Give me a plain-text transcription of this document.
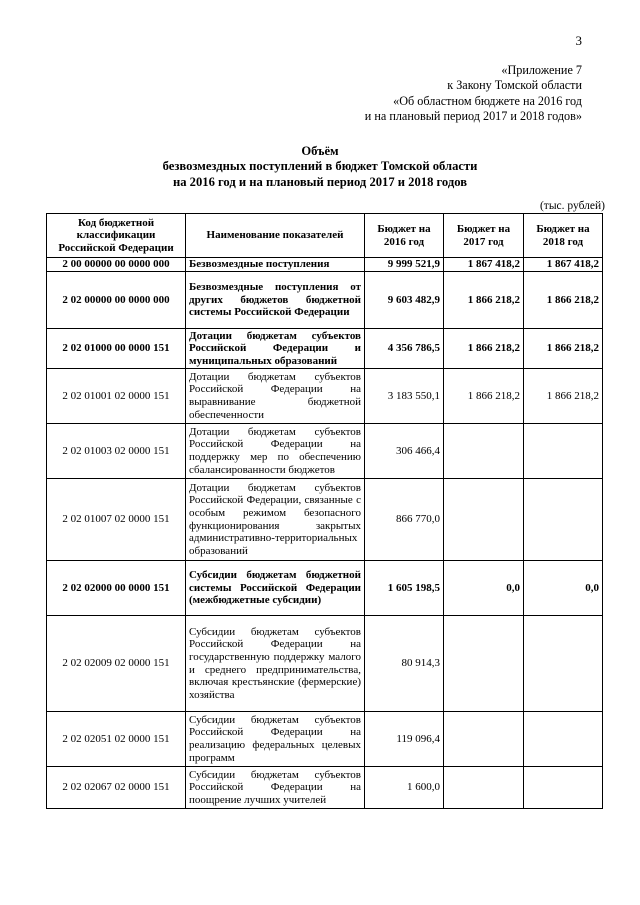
3
«Приложение 7
к Закону Томской области
«Об областном бюджете на 2016 год
и на плановый период 2017 и 2018 годов»
Объём
безвозмездных поступлений в бюджет Томской области
на 2016 год и на плановый период 2017 и 2018 годов
(тыс. рублей)
Код бюджетной классификации Российской Федерации	Наименование показателей	Бюджет на 2016 год	Бюджет на 2017 год	Бюджет на 2018 год
2 00 00000 00 0000 000	Безвозмездные поступления	9 999 521,9	1 867 418,2	1 867 418,2
2 02 00000 00 0000 000	Безвозмездные поступления от других бюджетов бюджетной системы Российской Федерации	9 603 482,9	1 866 218,2	1 866 218,2
2 02 01000 00 0000 151	Дотации бюджетам субъектов Российской Федерации и муниципальных образований	4 356 786,5	1 866 218,2	1 866 218,2
2 02 01001 02 0000 151	Дотации бюджетам субъектов Российской Федерации на выравнивание бюджетной обеспеченности	3 183 550,1	1 866 218,2	1 866 218,2
2 02 01003 02 0000 151	Дотации бюджетам субъектов Российской Федерации на поддержку мер по обеспечению сбалансированности бюджетов	306 466,4		
2 02 01007 02 0000 151	Дотации бюджетам субъектов Российской Федерации, связанные с особым режимом безопасного функционирования закрытых административно-территориальных образований	866 770,0		
2 02 02000 00 0000 151	Субсидии бюджетам бюджетной системы Российской Федерации (межбюджетные субсидии)	1 605 198,5	0,0	0,0
2 02 02009 02 0000 151	Субсидии бюджетам субъектов Российской Федерации на государственную поддержку малого и среднего предпринимательства, включая крестьянские (фермерские) хозяйства	80 914,3		
2 02 02051 02 0000 151	Субсидии бюджетам субъектов Российской Федерации на реализацию федеральных целевых программ	119 096,4		
2 02 02067 02 0000 151	Субсидии бюджетам субъектов Российской Федерации на поощрение лучших учителей	1 600,0		
